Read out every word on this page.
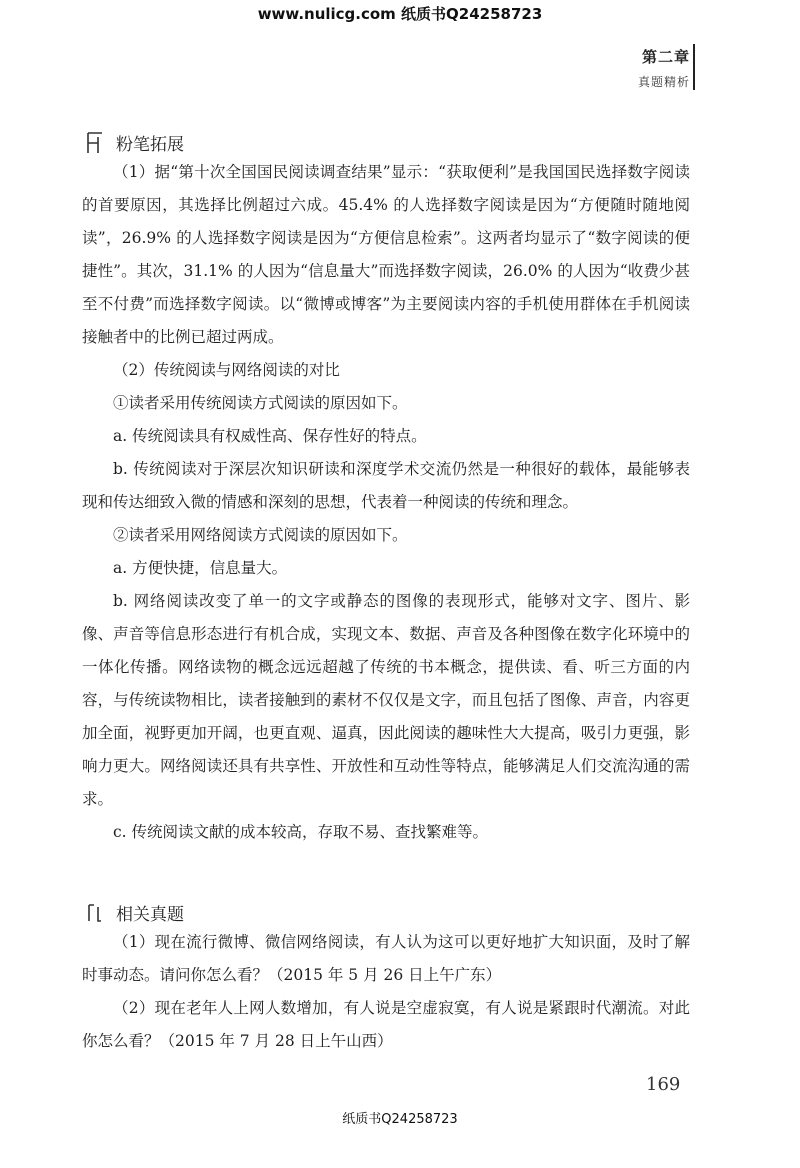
www.nulicg.com 纸质书Q24258723
第二章
真题精析
粉笔拓展

（1）据“第十次全国国民阅读调查结果”显示：“获取便利”是我国国民选择数字阅读的首要原因，其选择比例超过六成。45.4% 的人选择数字阅读是因为“方便随时随地阅读”，26.9% 的人选择数字阅读是因为“方便信息检索”。这两者均显示了“数字阅读的便捷性”。其次，31.1% 的人因为“信息量大”而选择数字阅读，26.0% 的人因为“收费少甚至不付费”而选择数字阅读。以“微博或博客”为主要阅读内容的手机使用群体在手机阅读接触者中的比例已超过两成。

（2）传统阅读与网络阅读的对比

①读者采用传统阅读方式阅读的原因如下。

a. 传统阅读具有权威性高、保存性好的特点。

b. 传统阅读对于深层次知识研读和深度学术交流仍然是一种很好的载体，最能够表现和传达细致入微的情感和深刻的思想，代表着一种阅读的传统和理念。

②读者采用网络阅读方式阅读的原因如下。

a. 方便快捷，信息量大。

b. 网络阅读改变了单一的文字或静态的图像的表现形式，能够对文字、图片、影像、声音等信息形态进行有机合成，实现文本、数据、声音及各种图像在数字化环境中的一体化传播。网络读物的概念远远超越了传统的书本概念，提供读、看、听三方面的内容，与传统读物相比，读者接触到的素材不仅仅是文字，而且包括了图像、声音，内容更加全面，视野更加开阔，也更直观、逼真，因此阅读的趣味性大大提高，吸引力更强，影响力更大。网络阅读还具有共享性、开放性和互动性等特点，能够满足人们交流沟通的需求。

c. 传统阅读文献的成本较高，存取不易、查找繁难等。

相关真题

（1）现在流行微博、微信网络阅读，有人认为这可以更好地扩大知识面，及时了解时事动态。请问你怎么看？（2015 年 5 月 26 日上午广东）

（2）现在老年人上网人数增加，有人说是空虚寂寞，有人说是紧跟时代潮流。对此你怎么看？（2015 年 7 月 28 日上午山西）

169
纸质书Q24258723
